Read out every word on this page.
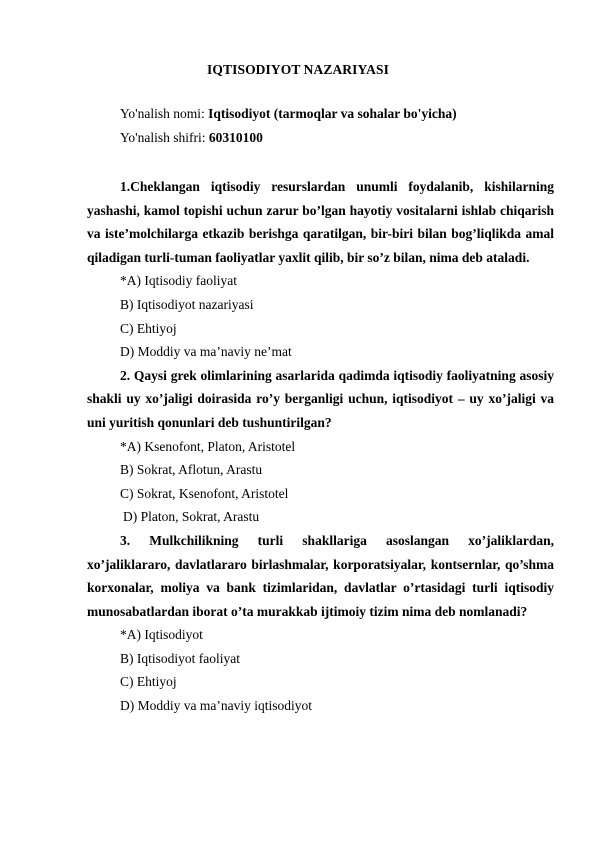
IQTISODIYOT NAZARIYASI
Yo'nalish nomi: Iqtisodiyot (tarmoqlar va sohalar bo'yicha)
Yo'nalish shifri: 60310100

1.Cheklangan iqtisodiy resurslardan unumli foydalanib, kishilarning yashashi, kamol topishi uchun zarur bo’lgan hayotiy vositalarni ishlab chiqarish va iste’molchilarga etkazib berishga qaratilgan, bir-biri bilan bog’liqlikda amal qiladigan turli-tuman faoliyatlar yaxlit qilib, bir so’z bilan, nima deb ataladi.

*A) Iqtisodiy faoliyat

B) Iqtisodiyot nazariyasi

C) Ehtiyoj

D) Moddiy va ma’naviy ne’mat

2. Qaysi grek olimlarining asarlarida qadimda iqtisodiy faoliyatning asosiy shakli uy xo’jaligi doirasida ro’y berganligi uchun, iqtisodiyot – uy xo’jaligi va uni yuritish qonunlari deb tushuntirilgan?

*A) Ksenofont, Platon, Aristotel

B) Sokrat, Aflotun, Arastu

C) Sokrat, Ksenofont, Aristotel

D) Platon, Sokrat, Arastu

3. Mulkchilikning turli shakllariga asoslangan xo’jaliklardan, xo’jaliklararo, davlatlararo birlashmalar, korporatsiyalar, kontsernlar, qo’shma korxonalar, moliya va bank tizimlaridan, davlatlar o’rtasidagi turli iqtisodiy munosabatlardan iborat o’ta murakkab ijtimoiy tizim nima deb nomlanadi?

*A) Iqtisodiyot

B) Iqtisodiyot faoliyat

C) Ehtiyoj

D) Moddiy va ma’naviy iqtisodiyot
